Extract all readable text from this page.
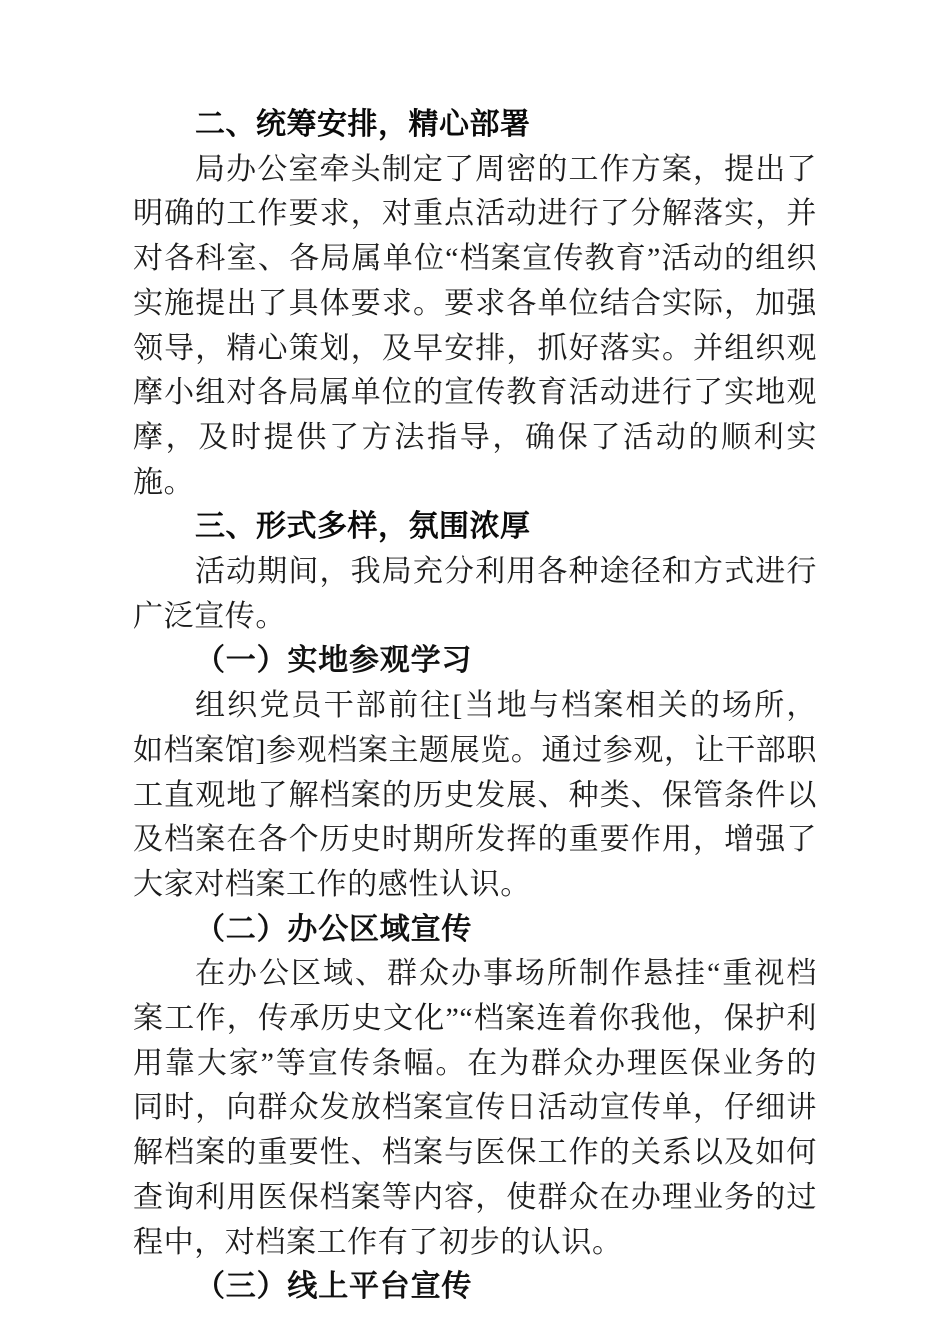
二、统筹安排，精心部署

局办公室牵头制定了周密的工作方案，提出了明确的工作要求，对重点活动进行了分解落实，并对各科室、各局属单位“档案宣传教育”活动的组织实施提出了具体要求。要求各单位结合实际，加强领导，精心策划，及早安排，抓好落实。并组织观摩小组对各局属单位的宣传教育活动进行了实地观摩，及时提供了方法指导，确保了活动的顺利实施。

三、形式多样，氛围浓厚

活动期间，我局充分利用各种途径和方式进行广泛宣传。

（一）实地参观学习

组织党员干部前往[当地与档案相关的场所，如档案馆]参观档案主题展览。通过参观，让干部职工直观地了解档案的历史发展、种类、保管条件以及档案在各个历史时期所发挥的重要作用，增强了大家对档案工作的感性认识。

（二）办公区域宣传

在办公区域、群众办事场所制作悬挂“重视档案工作，传承历史文化”“档案连着你我他，保护利用靠大家”等宣传条幅。在为群众办理医保业务的同时，向群众发放档案宣传日活动宣传单，仔细讲解档案的重要性、档案与医保工作的关系以及如何查询利用医保档案等内容，使群众在办理业务的过程中，对档案工作有了初步的认识。

（三）线上平台宣传
